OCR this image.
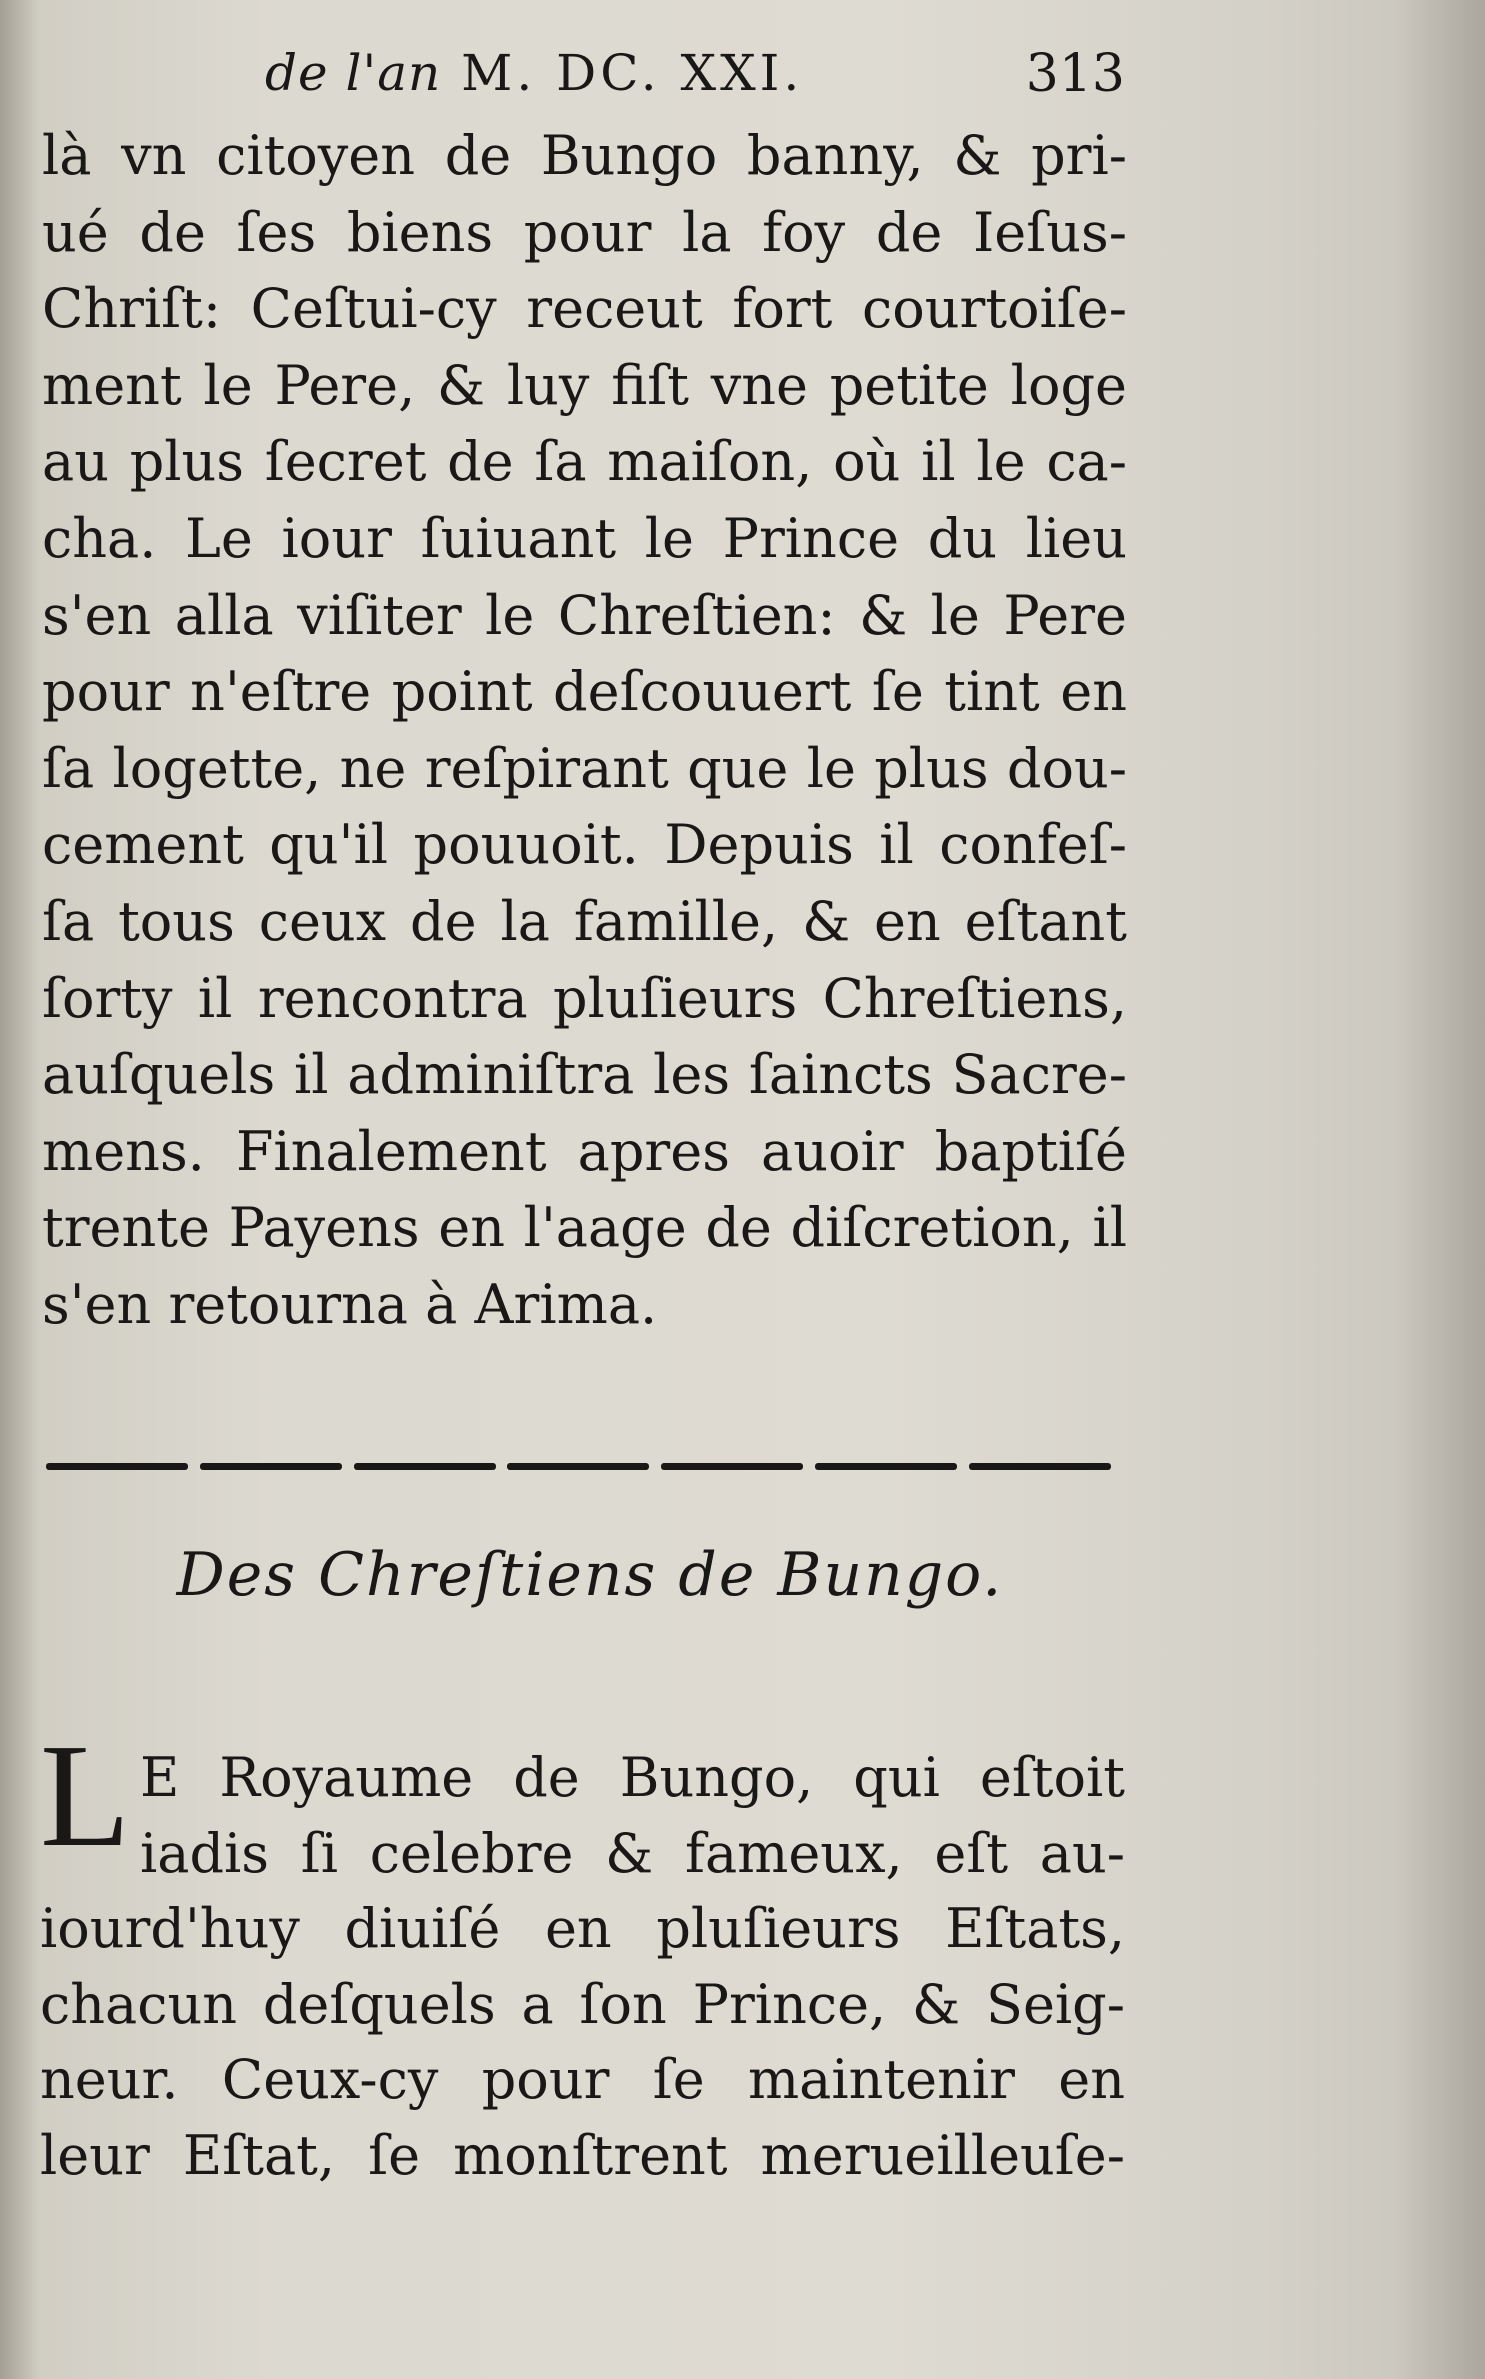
de l'an M. DC. XXI.	313
là vn citoyen de Bungo banny, & pri-
ué de ſes biens pour la foy de Ieſus-
Chriſt: Ceſtui-cy receut fort courtoiſe-
ment le Pere, & luy fiſt vne petite loge
au plus ſecret de ſa maiſon, où il le ca-
cha. Le iour ſuiuant le Prince du lieu
s'en alla viſiter le Chreſtien: & le Pere
pour n'eſtre point deſcouuert ſe tint en
ſa logette, ne reſpirant que le plus dou-
cement qu'il pouuoit. Depuis il confeſ-
ſa tous ceux de la famille, & en eſtant
ſorty il rencontra pluſieurs Chreſtiens,
auſquels il adminiſtra les ſaincts Sacre-
mens. Finalement apres auoir baptiſé
trente Payens en l'aage de diſcretion, il
s'en retourna à Arima.
Des Chreſtiens de Bungo.
L E Royaume de Bungo, qui eſtoit
iadis ſi celebre & fameux, eſt au-
iourd'huy diuiſé en pluſieurs Eſtats,
chacun deſquels a ſon Prince, & Seig-
neur. Ceux-cy pour ſe maintenir en
leur Eſtat, ſe monſtrent merueilleuſe-
